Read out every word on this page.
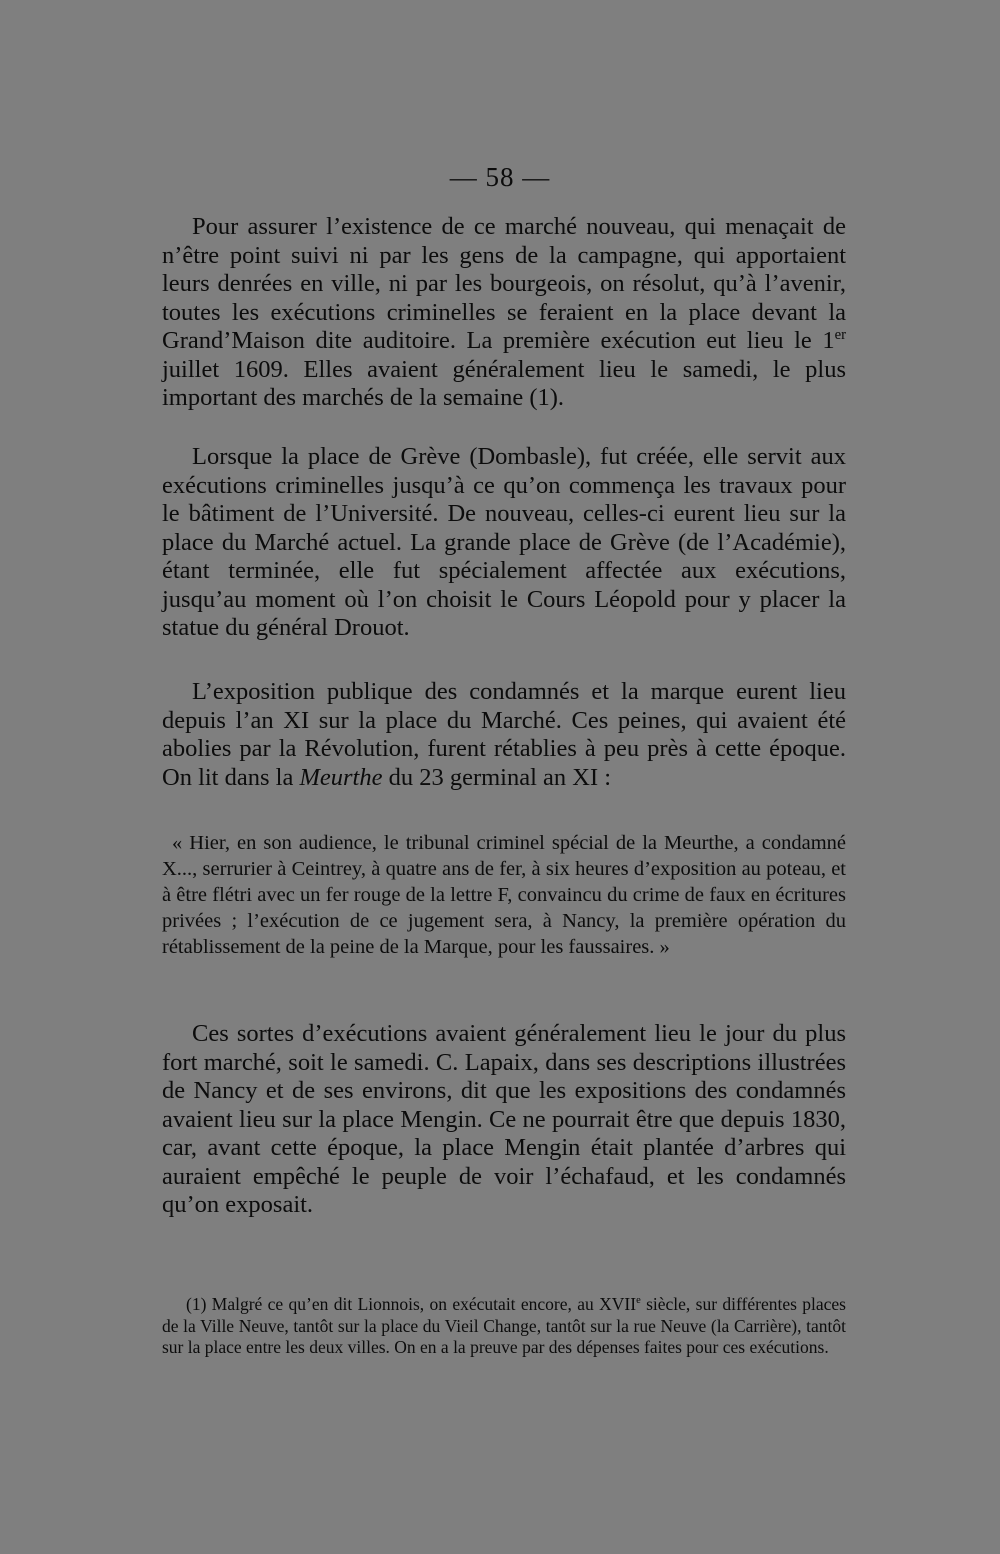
— 58 —

Pour assurer l’existence de ce marché nouveau, qui menaçait de n’être point suivi ni par les gens de la campagne, qui apportaient leurs denrées en ville, ni par les bourgeois, on résolut, qu’à l’avenir, toutes les exécutions criminelles se feraient en la place devant la Grand’Maison dite auditoire. La première exécution eut lieu le 1er juillet 1609. Elles avaient généralement lieu le samedi, le plus important des marchés de la semaine (1).

Lorsque la place de Grève (Dombasle), fut créée, elle servit aux exécutions criminelles jusqu’à ce qu’on commença les travaux pour le bâtiment de l’Université. De nouveau, celles-ci eurent lieu sur la place du Marché actuel. La grande place de Grève (de l’Académie), étant terminée, elle fut spécialement affectée aux exécutions, jusqu’au moment où l’on choisit le Cours Léopold pour y placer la statue du général Drouot.

L’exposition publique des condamnés et la marque eurent lieu depuis l’an XI sur la place du Marché. Ces peines, qui avaient été abolies par la Révolution, furent rétablies à peu près à cette époque. On lit dans la Meurthe du 23 germinal an XI :

« Hier, en son audience, le tribunal criminel spécial de la Meurthe, a condamné X..., serrurier à Ceintrey, à quatre ans de fer, à six heures d’exposition au poteau, et à être flétri avec un fer rouge de la lettre F, convaincu du crime de faux en écritures privées ; l’exécution de ce jugement sera, à Nancy, la première opération du rétablissement de la peine de la Marque, pour les faussaires. »

Ces sortes d’exécutions avaient généralement lieu le jour du plus fort marché, soit le samedi. C. Lapaix, dans ses descriptions illustrées de Nancy et de ses environs, dit que les expositions des condamnés avaient lieu sur la place Mengin. Ce ne pourrait être que depuis 1830, car, avant cette époque, la place Mengin était plantée d’arbres qui auraient empêché le peuple de voir l’échafaud, et les condamnés qu’on exposait.

(1) Malgré ce qu’en dit Lionnois, on exécutait encore, au XVIIe siècle, sur différentes places de la Ville Neuve, tantôt sur la place du Vieil Change, tantôt sur la rue Neuve (la Carrière), tantôt sur la place entre les deux villes. On en a la preuve par des dépenses faites pour ces exécutions.
